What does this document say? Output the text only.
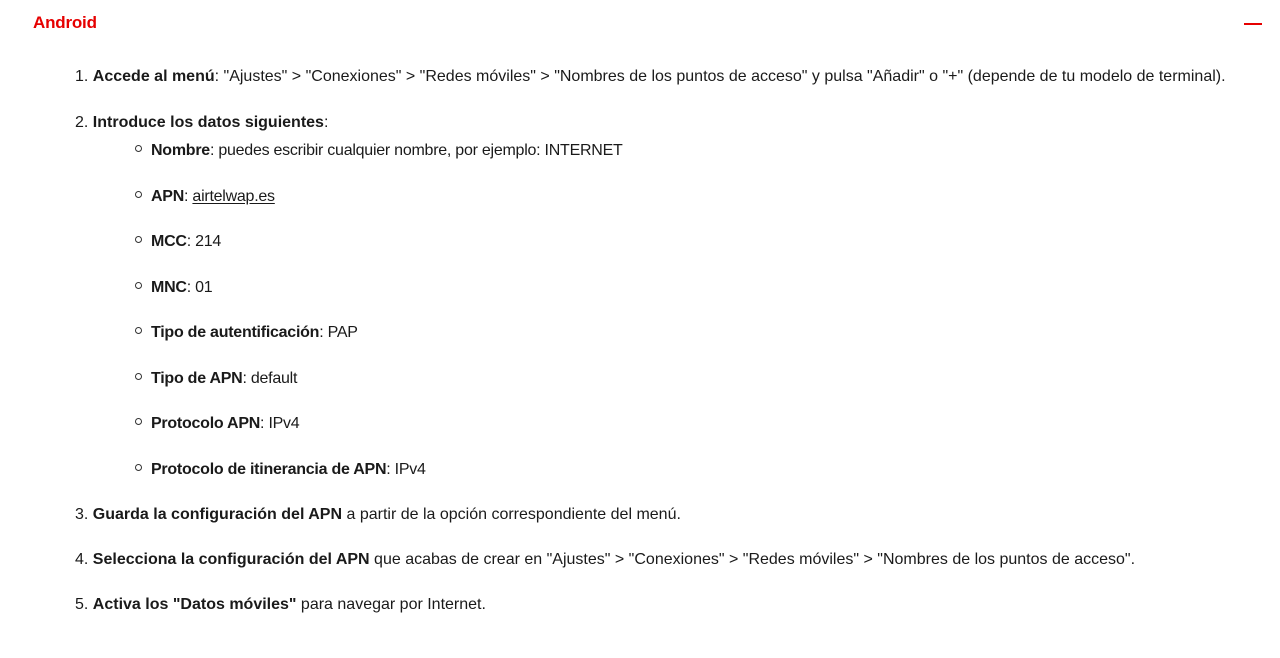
Android
1. Accede al menú: "Ajustes" > "Conexiones" > "Redes móviles" > "Nombres de los puntos de acceso" y pulsa "Añadir" o "+" (depende de tu modelo de terminal).
2. Introduce los datos siguientes:
Nombre: puedes escribir cualquier nombre, por ejemplo: INTERNET
APN: airtelwap.es
MCC: 214
MNC: 01
Tipo de autentificación: PAP
Tipo de APN: default
Protocolo APN: IPv4
Protocolo de itinerancia de APN: IPv4
3. Guarda la configuración del APN a partir de la opción correspondiente del menú.
4. Selecciona la configuración del APN que acabas de crear en "Ajustes" > "Conexiones" > "Redes móviles" > "Nombres de los puntos de acceso".
5. Activa los "Datos móviles" para navegar por Internet.
